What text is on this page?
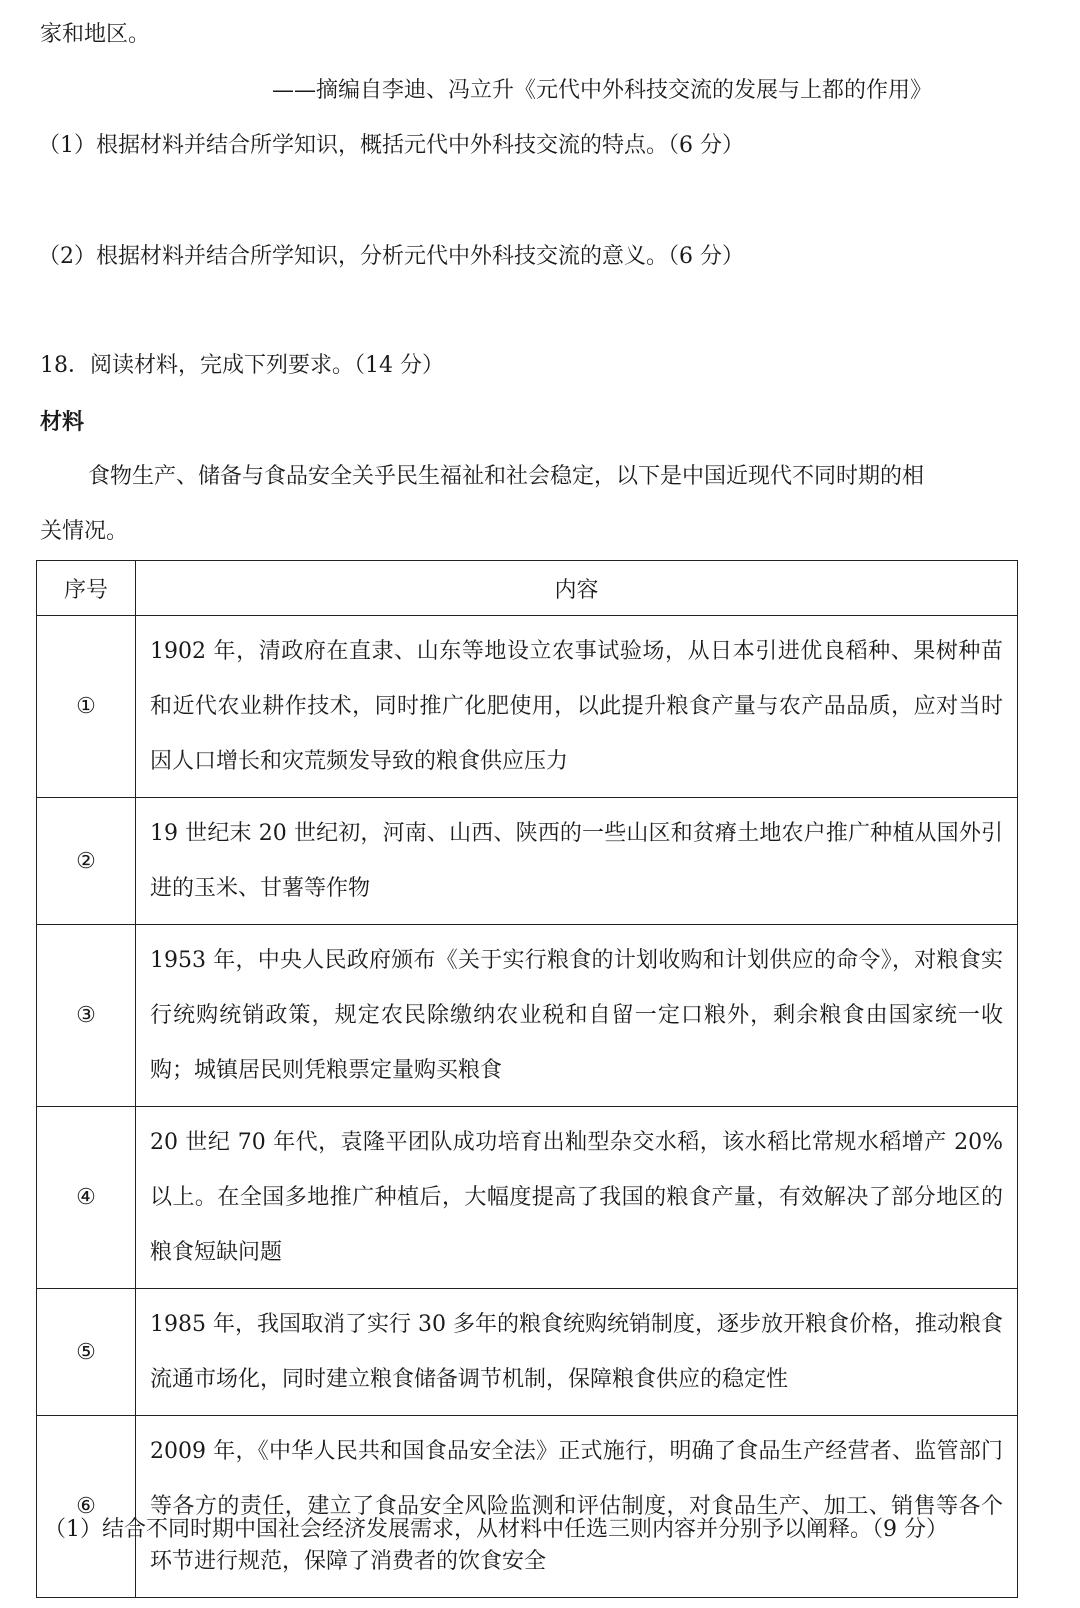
家和地区。
——摘编自李迪、冯立升《元代中外科技交流的发展与上都的作用》
（1）根据材料并结合所学知识，概括元代中外科技交流的特点。（6 分）
（2）根据材料并结合所学知识，分析元代中外科技交流的意义。（6 分）
18．阅读材料，完成下列要求。（14 分）
材料
食物生产、储备与食品安全关乎民生福祉和社会稳定，以下是中国近现代不同时期的相
关情况。
序号	内容
①	1902 年，清政府在直隶、山东等地设立农事试验场，从日本引进优良稻种、果树种苗和近代农业耕作技术，同时推广化肥使用，以此提升粮食产量与农产品品质，应对当时因人口增长和灾荒频发导致的粮食供应压力
②	19 世纪末 20 世纪初，河南、山西、陕西的一些山区和贫瘠土地农户推广种植从国外引进的玉米、甘薯等作物
③	1953 年，中央人民政府颁布《关于实行粮食的计划收购和计划供应的命令》，对粮食实行统购统销政策，规定农民除缴纳农业税和自留一定口粮外，剩余粮食由国家统一收购；城镇居民则凭粮票定量购买粮食
④	20 世纪 70 年代，袁隆平团队成功培育出籼型杂交水稻，该水稻比常规水稻增产 20%以上。在全国多地推广种植后，大幅度提高了我国的粮食产量，有效解决了部分地区的粮食短缺问题
⑤	1985 年，我国取消了实行 30 多年的粮食统购统销制度，逐步放开粮食价格，推动粮食流通市场化，同时建立粮食储备调节机制，保障粮食供应的稳定性
⑥	2009 年，《中华人民共和国食品安全法》正式施行，明确了食品生产经营者、监管部门等各方的责任，建立了食品安全风险监测和评估制度，对食品生产、加工、销售等各个环节进行规范，保障了消费者的饮食安全
（1）结合不同时期中国社会经济发展需求，从材料中任选三则内容并分别予以阐释。（9 分）
